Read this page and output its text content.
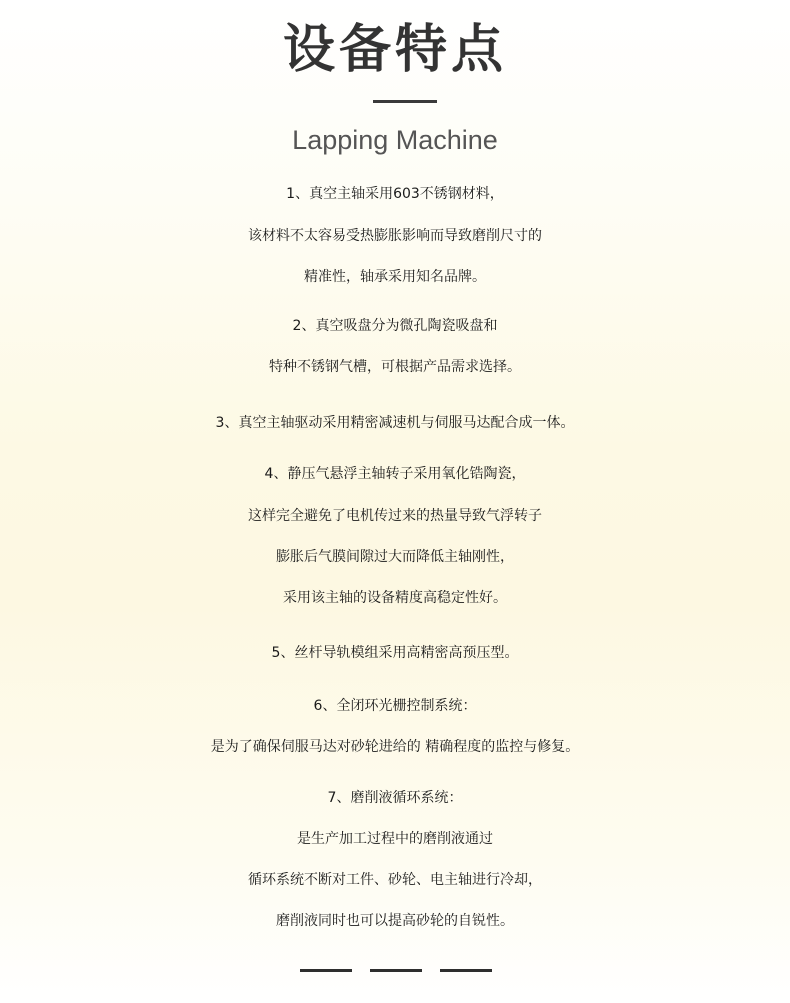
设备特点
Lapping Machine
1、真空主轴采用603不锈钢材料，
该材料不太容易受热膨胀影响而导致磨削尺寸的
精准性，轴承采用知名品牌。
2、真空吸盘分为微孔陶瓷吸盘和
特种不锈钢气槽，可根据产品需求选择。
3、真空主轴驱动采用精密减速机与伺服马达配合成一体。
4、静压气悬浮主轴转子采用氧化锆陶瓷，
这样完全避免了电机传过来的热量导致气浮转子
膨胀后气膜间隙过大而降低主轴刚性，
采用该主轴的设备精度高稳定性好。
5、丝杆导轨模组采用高精密高预压型。
6、全闭环光栅控制系统：
是为了确保伺服马达对砂轮进给的 精确程度的监控与修复。
7、磨削液循环系统：
是生产加工过程中的磨削液通过
循环系统不断对工件、砂轮、电主轴进行冷却，
磨削液同时也可以提高砂轮的自锐性。
